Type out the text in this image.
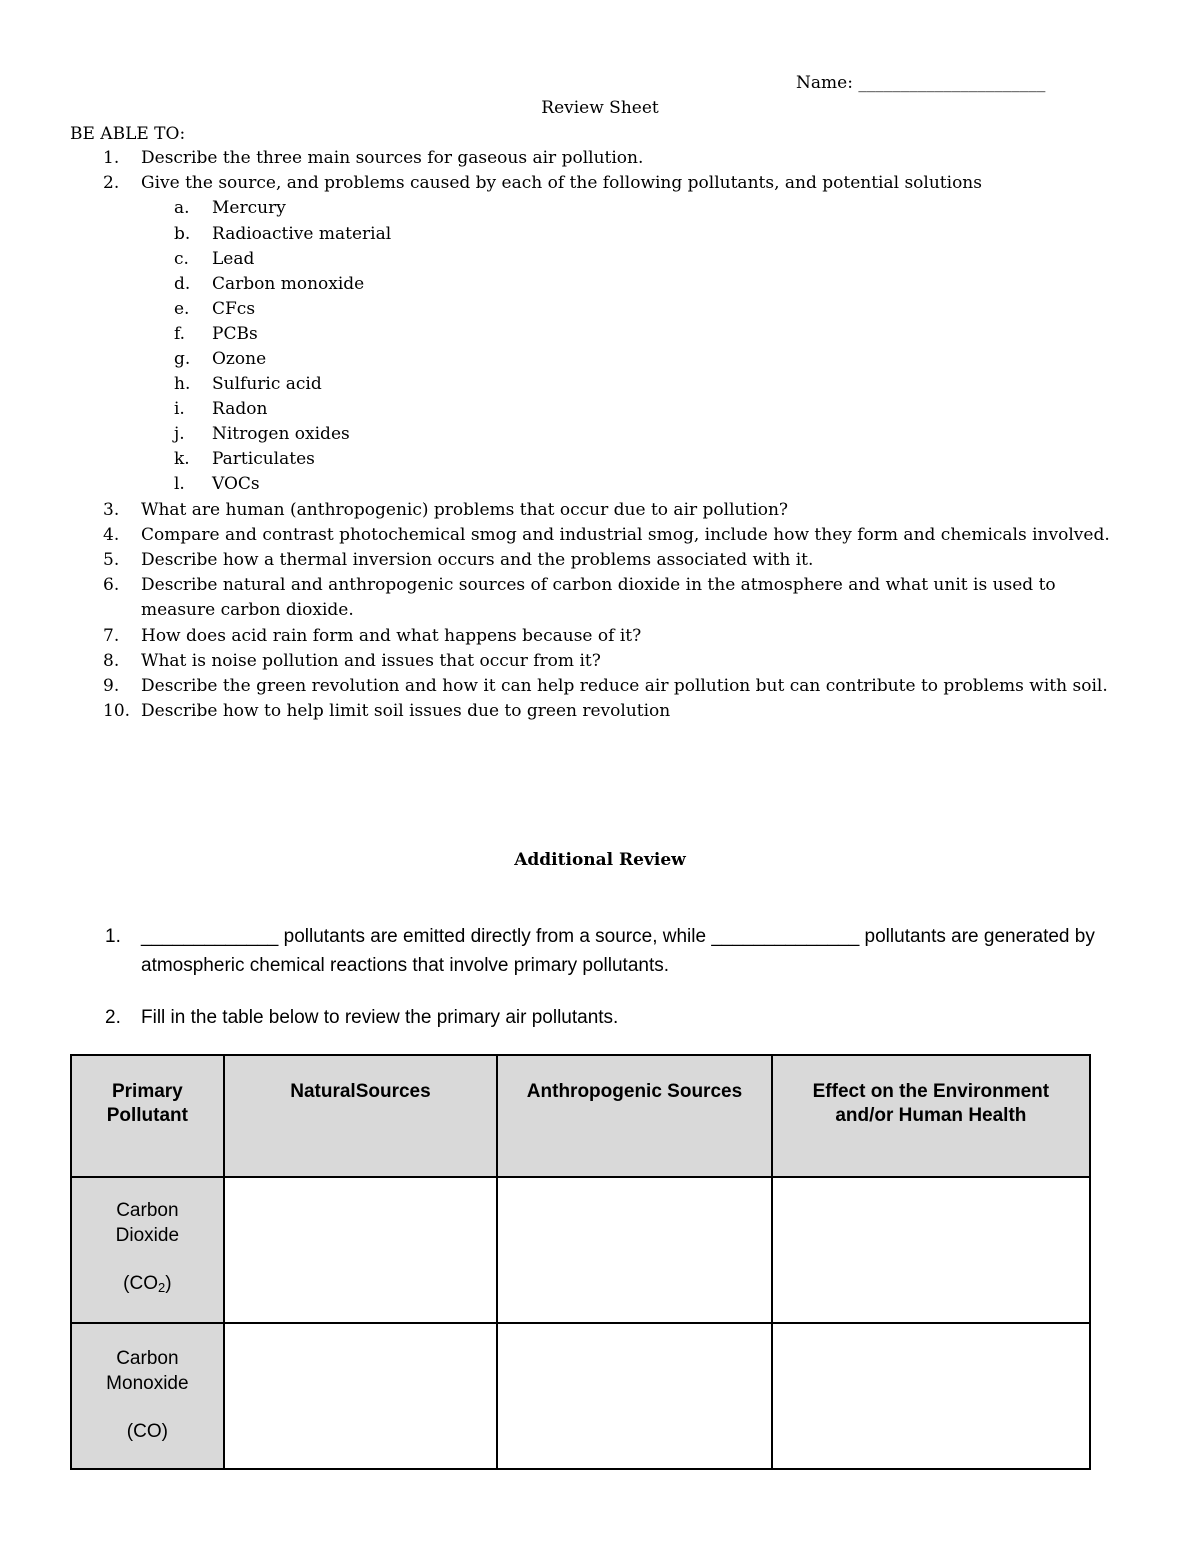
Name: ______________________
Review Sheet
BE ABLE TO:
1. Describe the three main sources for gaseous air pollution.
2. Give the source, and problems caused by each of the following pollutants, and potential solutions
a. Mercury
b. Radioactive material
c. Lead
d. Carbon monoxide
e. CFcs
f. PCBs
g. Ozone
h. Sulfuric acid
i. Radon
j. Nitrogen oxides
k. Particulates
l. VOCs
3. What are human (anthropogenic) problems that occur due to air pollution?
4. Compare and contrast photochemical smog and industrial smog, include how they form and chemicals involved.
5. Describe how a thermal inversion occurs and the problems associated with it.
6. Describe natural and anthropogenic sources of carbon dioxide in the atmosphere and what unit is used to measure carbon dioxide.
7. How does acid rain form and what happens because of it?
8. What is noise pollution and issues that occur from it?
9. Describe the green revolution and how it can help reduce air pollution but can contribute to problems with soil.
10. Describe how to help limit soil issues due to green revolution
Additional Review
1.	_____________ pollutants are emitted directly from a source, while ______________ pollutants are generated by atmospheric chemical reactions that involve primary pollutants.
2.	Fill in the table below to review the primary air pollutants.
Primary
Pollutant	NaturalSources	Anthropogenic Sources	Effect on the Environment
and/or Human Health
Carbon
Dioxide
$(CO_2)$			

Carbon
Monoxide
(CO)			
